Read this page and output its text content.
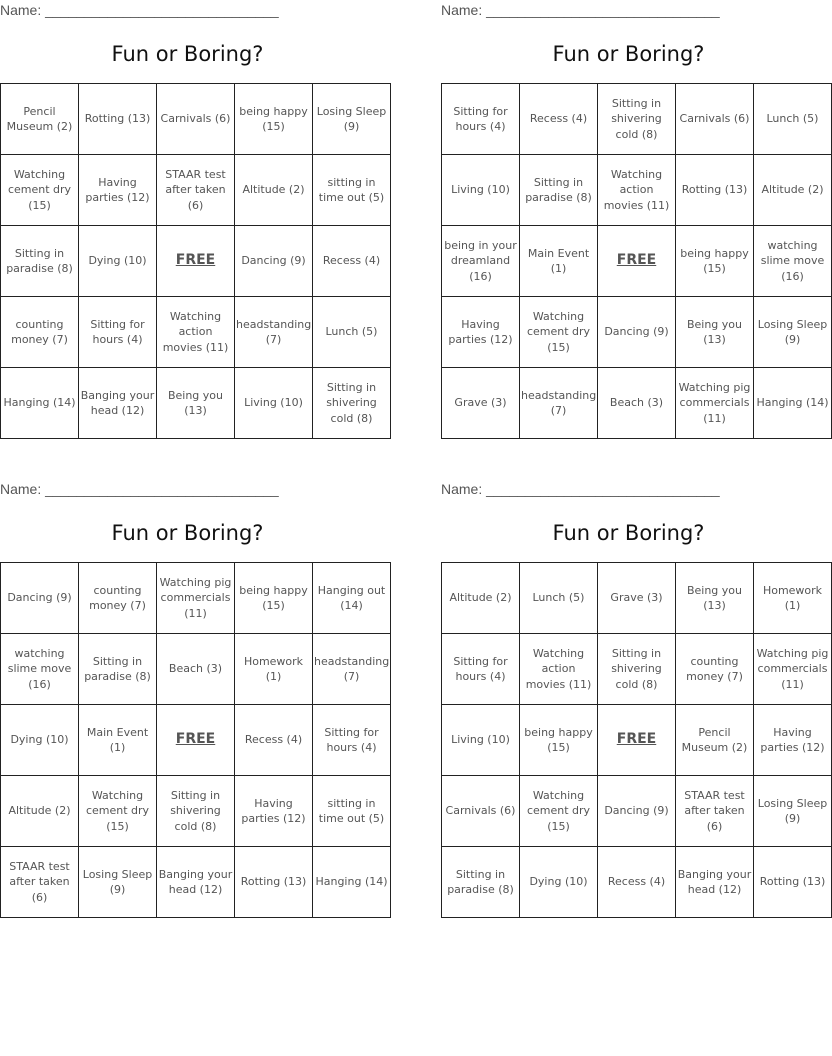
Name: ______________________________
Fun or Boring?
Pencil Museum (2)	Rotting (13)	Carnivals (6)	being happy (15)	Losing Sleep (9)
Watching cement dry (15)	Having parties (12)	STAAR test after taken (6)	Altitude (2)	sitting in time out (5)
Sitting in paradise (8)	Dying (10)	FREE	Dancing (9)	Recess (4)
counting money (7)	Sitting for hours (4)	Watching action movies (11)	headstanding (7)	Lunch (5)
Hanging (14)	Banging your head (12)	Being you (13)	Living (10)	Sitting in shivering cold (8)
Name: ______________________________
Fun or Boring?
Sitting for hours (4)	Recess (4)	Sitting in shivering cold (8)	Carnivals (6)	Lunch (5)
Living (10)	Sitting in paradise (8)	Watching action movies (11)	Rotting (13)	Altitude (2)
being in your dreamland (16)	Main Event (1)	FREE	being happy (15)	watching slime move (16)
Having parties (12)	Watching cement dry (15)	Dancing (9)	Being you (13)	Losing Sleep (9)
Grave (3)	headstanding (7)	Beach (3)	Watching pig commercials (11)	Hanging (14)
Name: ______________________________
Fun or Boring?
Dancing (9)	counting money (7)	Watching pig commercials (11)	being happy (15)	Hanging out (14)
watching slime move (16)	Sitting in paradise (8)	Beach (3)	Homework (1)	headstanding (7)
Dying (10)	Main Event (1)	FREE	Recess (4)	Sitting for hours (4)
Altitude (2)	Watching cement dry (15)	Sitting in shivering cold (8)	Having parties (12)	sitting in time out (5)
STAAR test after taken (6)	Losing Sleep (9)	Banging your head (12)	Rotting (13)	Hanging (14)
Name: ______________________________
Fun or Boring?
Altitude (2)	Lunch (5)	Grave (3)	Being you (13)	Homework (1)
Sitting for hours (4)	Watching action movies (11)	Sitting in shivering cold (8)	counting money (7)	Watching pig commercials (11)
Living (10)	being happy (15)	FREE	Pencil Museum (2)	Having parties (12)
Carnivals (6)	Watching cement dry (15)	Dancing (9)	STAAR test after taken (6)	Losing Sleep (9)
Sitting in paradise (8)	Dying (10)	Recess (4)	Banging your head (12)	Rotting (13)
